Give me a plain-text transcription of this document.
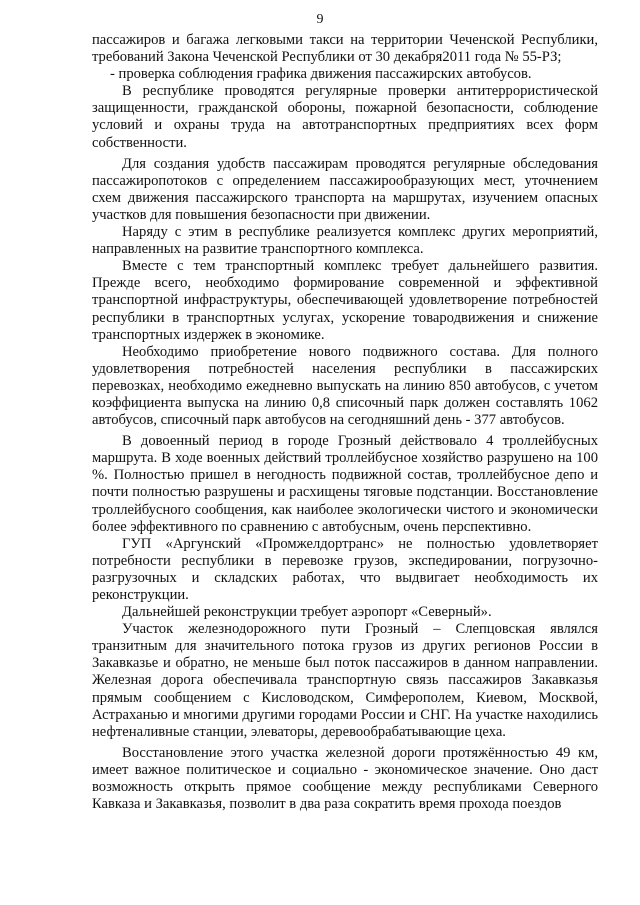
9

пассажиров и багажа легковыми такси на территории Чеченской Республики, требований Закона Чеченской Республики от 30 декабря2011 года № 55-РЗ;

- проверка соблюдения графика движения пассажирских автобусов.

В республике проводятся регулярные проверки антитеррористической защищенности, гражданской обороны, пожарной безопасности, соблюдение условий и охраны труда на автотранспортных предприятиях всех форм собственности.

Для создания удобств пассажирам проводятся регулярные обследования пассажиропотоков с определением пассажирообразующих мест, уточнением схем движения пассажирского транспорта на маршрутах, изучением опасных участков для повышения безопасности при движении.

Наряду с этим в республике реализуется комплекс других мероприятий, направленных на развитие транспортного комплекса.

Вместе с тем транспортный комплекс требует дальнейшего развития. Прежде всего, необходимо формирование современной и эффективной транспортной инфраструктуры, обеспечивающей удовлетворение потребностей республики в транспортных услугах, ускорение товародвижения и снижение транспортных издержек в экономике.

Необходимо приобретение нового подвижного состава. Для полного удовлетворения потребностей населения республики в пассажирских перевозках, необходимо ежедневно выпускать на линию 850 автобусов, с учетом коэффициента выпуска на линию 0,8 списочный парк должен составлять 1062 автобусов, списочный парк автобусов на сегодняшний день - 377 автобусов.

В довоенный период в городе Грозный действовало 4 троллейбусных маршрута. В ходе военных действий троллейбусное хозяйство разрушено на 100 %. Полностью пришел в негодность подвижной состав, троллейбусное депо и почти полностью разрушены и расхищены тяговые подстанции. Восстановление троллейбусного сообщения, как наиболее экологически чистого и экономически более эффективного по сравнению с автобусным, очень перспективно.

ГУП «Аргунский «Промжелдортранс» не полностью удовлетворяет потребности республики в перевозке грузов, экспедировании, погрузочно-разгрузочных и складских работах, что выдвигает необходимость их реконструкции.

Дальнейшей реконструкции требует аэропорт «Северный».

Участок железнодорожного пути Грозный – Слепцовская являлся транзитным для значительного потока грузов из других регионов России в Закавказье и обратно, не меньше был поток пассажиров в данном направлении. Железная дорога обеспечивала транспортную связь пассажиров Закавказья прямым сообщением с Кисловодском, Симферополем, Киевом, Москвой, Астраханью и многими другими городами России и СНГ. На участке находились нефтеналивные станции, элеваторы, деревообрабатывающие цеха.

Восстановление этого участка железной дороги протяжённостью 49 км, имеет важное политическое и социально - экономическое значение. Оно даст возможность открыть прямое сообщение между республиками Северного Кавказа и Закавказья, позволит в два раза сократить время прохода поездов
